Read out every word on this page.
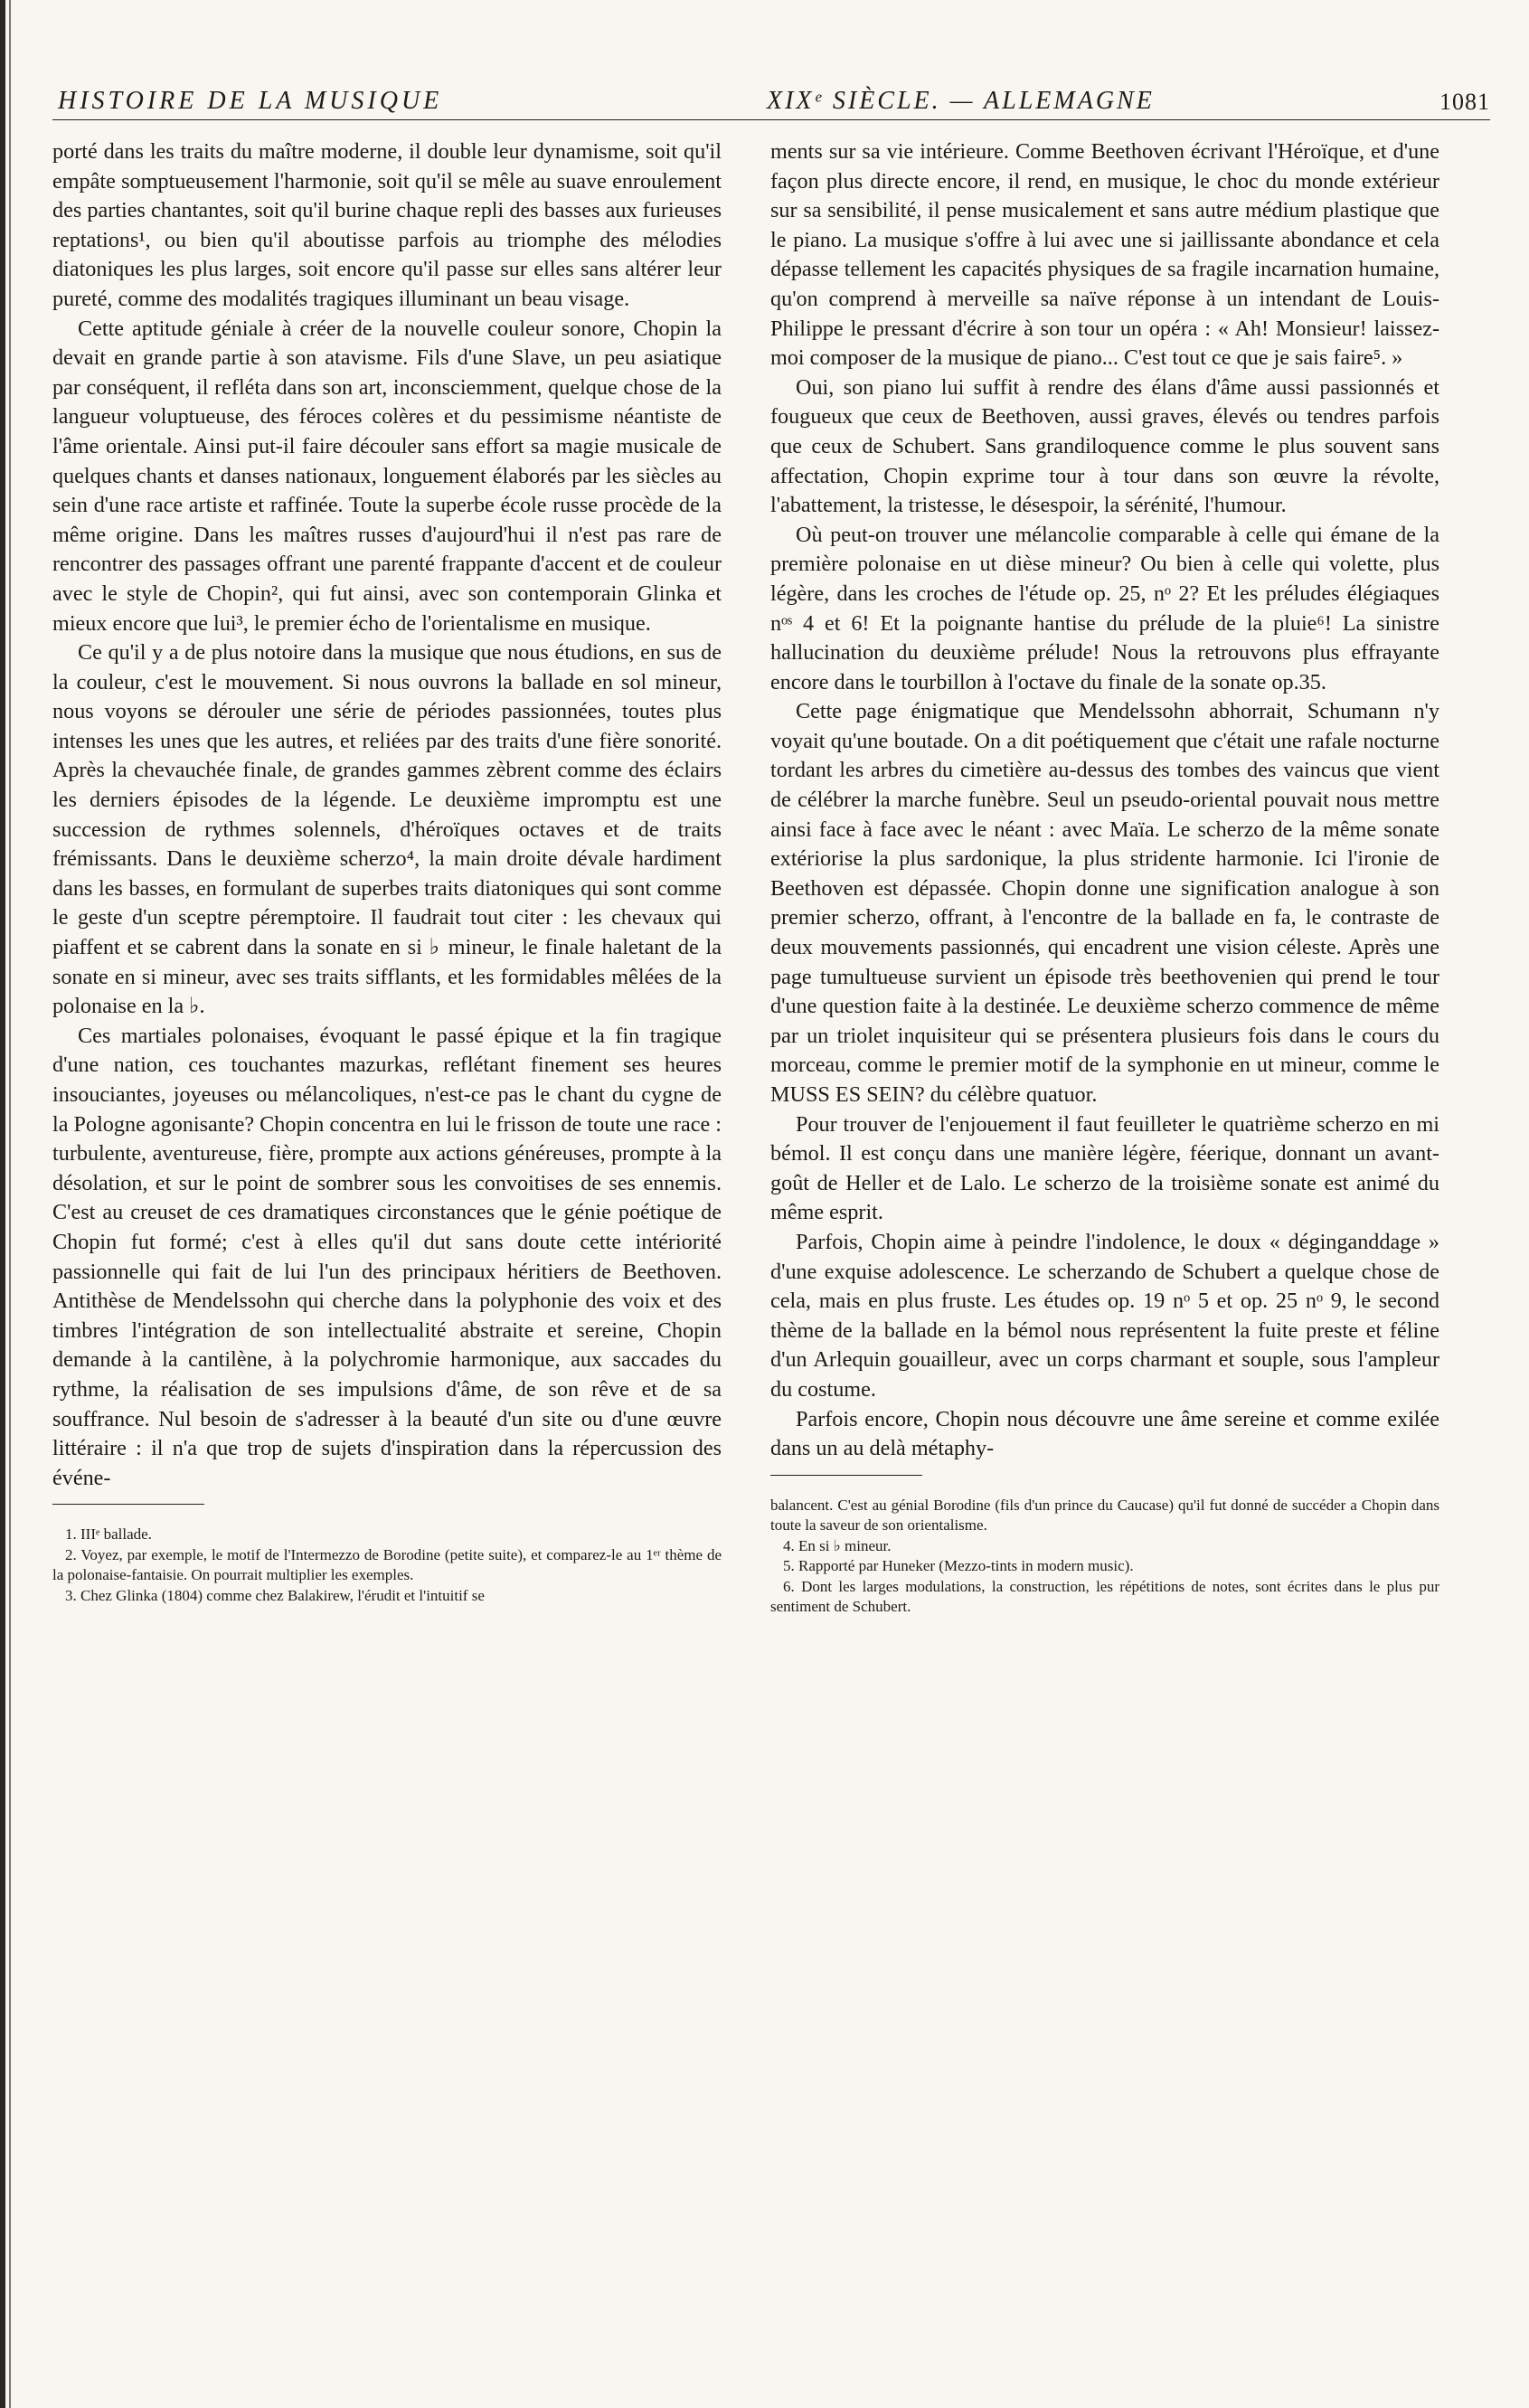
HISTOIRE DE LA MUSIQUE	XIXᵉ SIÈCLE. — ALLEMAGNE	1081

porté dans les traits du maître moderne, il double leur dynamisme, soit qu'il empâte somptueusement l'harmonie, soit qu'il se mêle au suave enroulement des parties chantantes, soit qu'il burine chaque repli des basses aux furieuses reptations¹, ou bien qu'il aboutisse parfois au triomphe des mélodies diatoniques les plus larges, soit encore qu'il passe sur elles sans altérer leur pureté, comme des modalités tragiques illuminant un beau visage.

Cette aptitude géniale à créer de la nouvelle couleur sonore, Chopin la devait en grande partie à son atavisme. Fils d'une Slave, un peu asiatique par conséquent, il refléta dans son art, inconsciemment, quelque chose de la langueur voluptueuse, des féroces colères et du pessimisme néantiste de l'âme orientale. Ainsi put-il faire découler sans effort sa magie musicale de quelques chants et danses nationaux, longuement élaborés par les siècles au sein d'une race artiste et raffinée. Toute la superbe école russe procède de la même origine. Dans les maîtres russes d'aujourd'hui il n'est pas rare de rencontrer des passages offrant une parenté frappante d'accent et de couleur avec le style de Chopin², qui fut ainsi, avec son contemporain Glinka et mieux encore que lui³, le premier écho de l'orientalisme en musique.

Ce qu'il y a de plus notoire dans la musique que nous étudions, en sus de la couleur, c'est le mouvement. Si nous ouvrons la ballade en sol mineur, nous voyons se dérouler une série de périodes passionnées, toutes plus intenses les unes que les autres, et reliées par des traits d'une fière sonorité. Après la chevauchée finale, de grandes gammes zèbrent comme des éclairs les derniers épisodes de la légende. Le deuxième impromptu est une succession de rythmes solennels, d'héroïques octaves et de traits frémissants. Dans le deuxième scherzo⁴, la main droite dévale hardiment dans les basses, en formulant de superbes traits diatoniques qui sont comme le geste d'un sceptre péremptoire. Il faudrait tout citer : les chevaux qui piaffent et se cabrent dans la sonate en si ♭ mineur, le finale haletant de la sonate en si mineur, avec ses traits sifflants, et les formidables mêlées de la polonaise en la ♭.

Ces martiales polonaises, évoquant le passé épique et la fin tragique d'une nation, ces touchantes mazurkas, reflétant finement ses heures insouciantes, joyeuses ou mélancoliques, n'est-ce pas le chant du cygne de la Pologne agonisante? Chopin concentra en lui le frisson de toute une race : turbulente, aventureuse, fière, prompte aux actions généreuses, prompte à la désolation, et sur le point de sombrer sous les convoitises de ses ennemis. C'est au creuset de ces dramatiques circonstances que le génie poétique de Chopin fut formé; c'est à elles qu'il dut sans doute cette intériorité passionnelle qui fait de lui l'un des principaux héritiers de Beethoven. Antithèse de Mendelssohn qui cherche dans la polyphonie des voix et des timbres l'intégration de son intellectualité abstraite et sereine, Chopin demande à la cantilène, à la polychromie harmonique, aux saccades du rythme, la réalisation de ses impulsions d'âme, de son rêve et de sa souffrance. Nul besoin de s'adresser à la beauté d'un site ou d'une œuvre littéraire : il n'a que trop de sujets d'inspiration dans la répercussion des événe-

1. IIIᵉ ballade.

2. Voyez, par exemple, le motif de l'Intermezzo de Borodine (petite suite), et comparez-le au 1ᵉʳ thème de la polonaise-fantaisie. On pourrait multiplier les exemples.

3. Chez Glinka (1804) comme chez Balakirew, l'érudit et l'intuitif se

ments sur sa vie intérieure. Comme Beethoven écrivant l'Héroïque, et d'une façon plus directe encore, il rend, en musique, le choc du monde extérieur sur sa sensibilité, il pense musicalement et sans autre médium plastique que le piano. La musique s'offre à lui avec une si jaillissante abondance et cela dépasse tellement les capacités physiques de sa fragile incarnation humaine, qu'on comprend à merveille sa naïve réponse à un intendant de Louis-Philippe le pressant d'écrire à son tour un opéra : « Ah! Monsieur! laissez-moi composer de la musique de piano... C'est tout ce que je sais faire⁵. »

Oui, son piano lui suffit à rendre des élans d'âme aussi passionnés et fougueux que ceux de Beethoven, aussi graves, élevés ou tendres parfois que ceux de Schubert. Sans grandiloquence comme le plus souvent sans affectation, Chopin exprime tour à tour dans son œuvre la révolte, l'abattement, la tristesse, le désespoir, la sérénité, l'humour.

Où peut-on trouver une mélancolie comparable à celle qui émane de la première polonaise en ut dièse mineur? Ou bien à celle qui volette, plus légère, dans les croches de l'étude op. 25, nᵒ 2? Et les préludes élégiaques nᵒˢ 4 et 6! Et la poignante hantise du prélude de la pluie⁶! La sinistre hallucination du deuxième prélude! Nous la retrouvons plus effrayante encore dans le tourbillon à l'octave du finale de la sonate op.35.

Cette page énigmatique que Mendelssohn abhorrait, Schumann n'y voyait qu'une boutade. On a dit poétiquement que c'était une rafale nocturne tordant les arbres du cimetière au-dessus des tombes des vaincus que vient de célébrer la marche funèbre. Seul un pseudo-oriental pouvait nous mettre ainsi face à face avec le néant : avec Maïa. Le scherzo de la même sonate extériorise la plus sardonique, la plus stridente harmonie. Ici l'ironie de Beethoven est dépassée. Chopin donne une signification analogue à son premier scherzo, offrant, à l'encontre de la ballade en fa, le contraste de deux mouvements passionnés, qui encadrent une vision céleste. Après une page tumultueuse survient un épisode très beethovenien qui prend le tour d'une question faite à la destinée. Le deuxième scherzo commence de même par un triolet inquisiteur qui se présentera plusieurs fois dans le cours du morceau, comme le premier motif de la symphonie en ut mineur, comme le MUSS ES SEIN? du célèbre quatuor.

Pour trouver de l'enjouement il faut feuilleter le quatrième scherzo en mi bémol. Il est conçu dans une manière légère, féerique, donnant un avant-goût de Heller et de Lalo. Le scherzo de la troisième sonate est animé du même esprit.

Parfois, Chopin aime à peindre l'indolence, le doux « déginganddage » d'une exquise adolescence. Le scherzando de Schubert a quelque chose de cela, mais en plus fruste. Les études op. 19 nᵒ 5 et op. 25 nᵒ 9, le second thème de la ballade en la bémol nous représentent la fuite preste et féline d'un Arlequin gouailleur, avec un corps charmant et souple, sous l'ampleur du costume.

Parfois encore, Chopin nous découvre une âme sereine et comme exilée dans un au delà métaphy-

balancent. C'est au génial Borodine (fils d'un prince du Caucase) qu'il fut donné de succéder a Chopin dans toute la saveur de son orientalisme.

4. En si ♭ mineur.

5. Rapporté par Huneker (Mezzo-tints in modern music).

6. Dont les larges modulations, la construction, les répétitions de notes, sont écrites dans le plus pur sentiment de Schubert.
